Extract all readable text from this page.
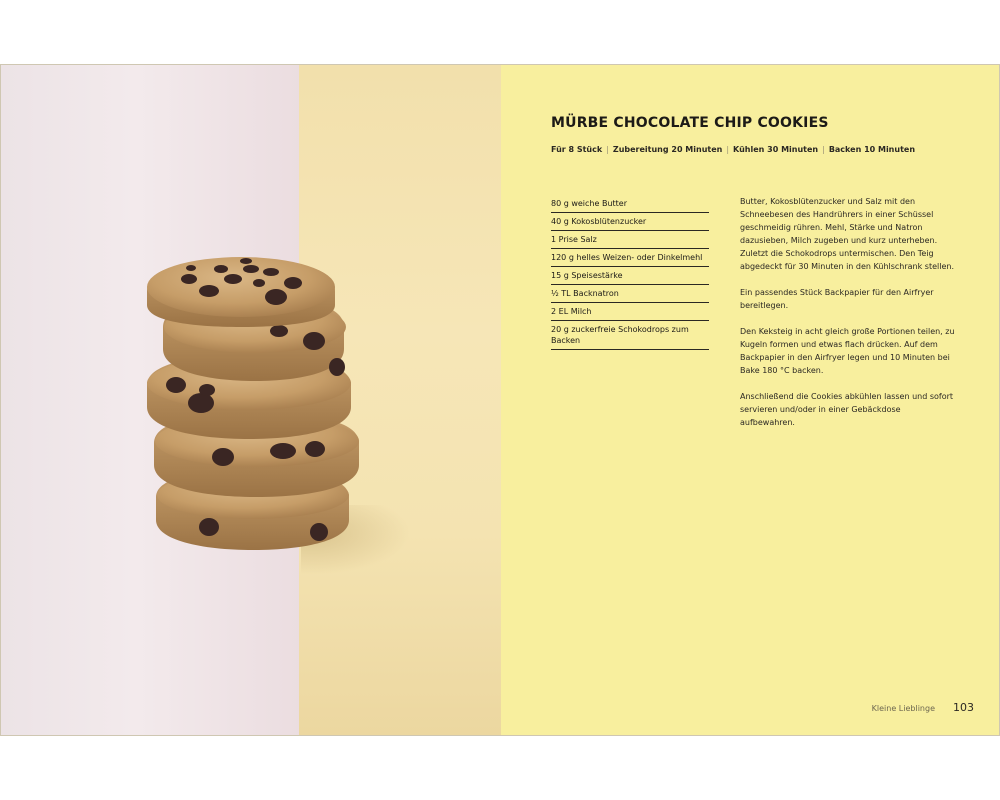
MÜRBE CHOCOLATE CHIP COOKIES
Für 8 Stück | Zubereitung 20 Minuten | Kühlen 30 Minuten | Backen 10 Minuten
80 g weiche Butter
40 g Kokosblütenzucker
1 Prise Salz
120 g helles Weizen- oder Dinkelmehl
15 g Speisestärke
½ TL Backnatron
2 EL Milch
20 g zuckerfreie Schokodrops zum Backen

Butter, Kokosblütenzucker und Salz mit den Schneebesen des Handrührers in einer Schüssel geschmeidig rühren. Mehl, Stärke und Natron dazusieben, Milch zugeben und kurz unterheben. Zuletzt die Schokodrops untermischen. Den Teig abgedeckt für 30 Minuten in den Kühlschrank stellen.

Ein passendes Stück Backpapier für den Airfryer bereitlegen.

Den Keksteig in acht gleich große Portionen teilen, zu Kugeln formen und etwas flach drücken. Auf dem Backpapier in den Airfryer legen und 10 Minuten bei Bake 180 °C backen.

Anschließend die Cookies abkühlen lassen und sofort servieren und/oder in einer Gebäckdose aufbewahren.

Kleine Lieblinge 103
